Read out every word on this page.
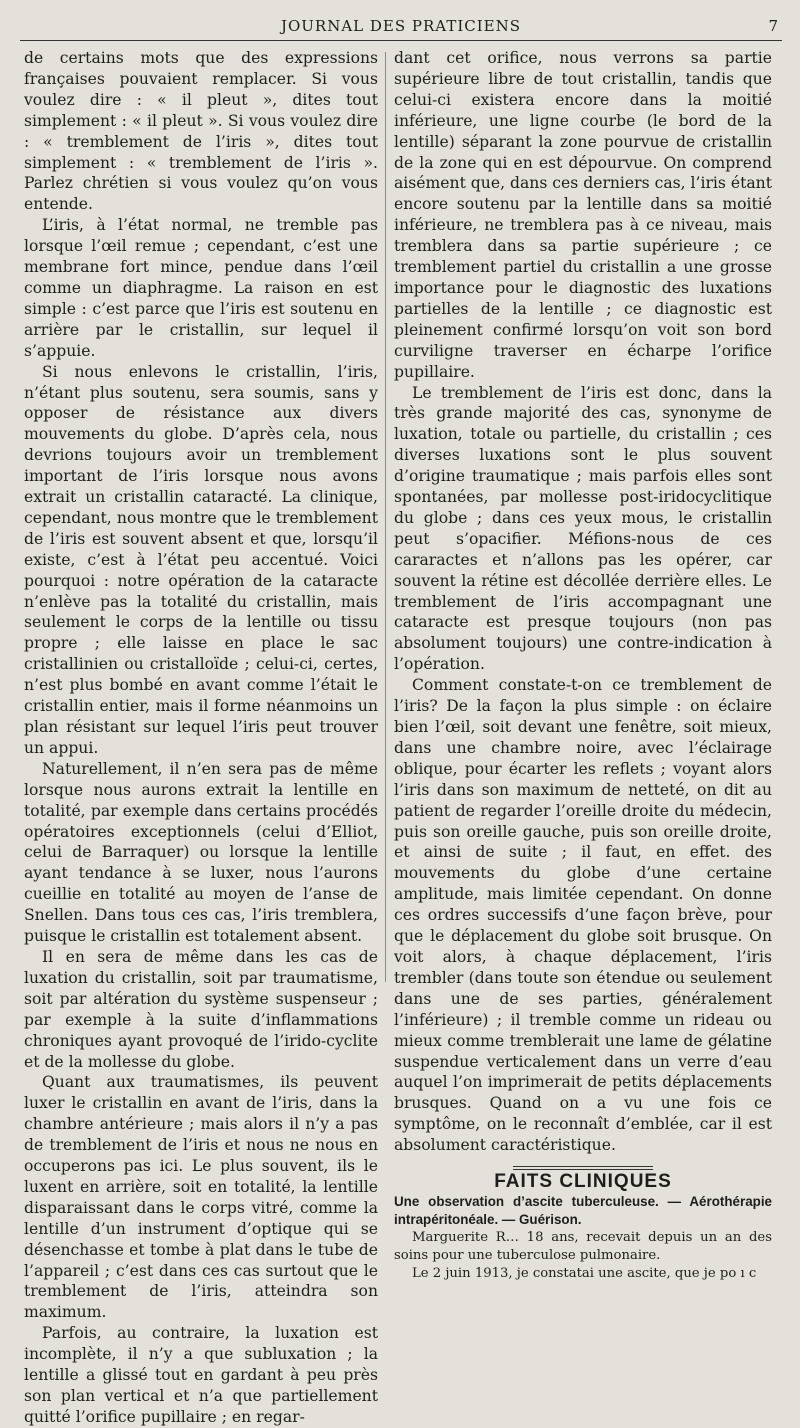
JOURNAL DES PRATICIENS	7

de certains mots que des expressions françaises pouvaient remplacer. Si vous voulez dire : « il pleut », dites tout simplement : « il pleut ». Si vous voulez dire : « tremblement de l’iris », dites tout simplement : « tremblement de l’iris ». Parlez chrétien si vous voulez qu’on vous entende.

L’iris, à l’état normal, ne tremble pas lorsque l’œil remue ; cependant, c’est une membrane fort mince, pendue dans l’œil comme un diaphragme. La raison en est simple : c’est parce que l’iris est soutenu en arrière par le cristallin, sur lequel il s’appuie.

Si nous enlevons le cristallin, l’iris, n’étant plus soutenu, sera soumis, sans y opposer de résistance aux divers mouvements du globe. D’après cela, nous devrions toujours avoir un tremblement important de l’iris lorsque nous avons extrait un cristallin cataracté. La clinique, cependant, nous montre que le tremblement de l’iris est souvent absent et que, lorsqu’il existe, c’est à l’état peu accentué. Voici pourquoi : notre opération de la cataracte n’enlève pas la totalité du cristallin, mais seulement le corps de la lentille ou tissu propre ; elle laisse en place le sac cristallinien ou cristalloïde ; celui-ci, certes, n’est plus bombé en avant comme l’était le cristallin entier, mais il forme néanmoins un plan résistant sur lequel l’iris peut trouver un appui.

Naturellement, il n’en sera pas de même lorsque nous aurons extrait la lentille en totalité, par exemple dans certains procédés opératoires exceptionnels (celui d’Elliot, celui de Barraquer) ou lorsque la lentille ayant tendance à se luxer, nous l’aurons cueillie en totalité au moyen de l’anse de Snellen. Dans tous ces cas, l’iris tremblera, puisque le cristallin est totalement absent.

Il en sera de même dans les cas de luxation du cristallin, soit par traumatisme, soit par altération du système suspenseur ; par exemple à la suite d’inflammations chroniques ayant provoqué de l’irido-cyclite et de la mollesse du globe.

Quant aux traumatismes, ils peuvent luxer le cristallin en avant de l’iris, dans la chambre antérieure ; mais alors il n’y a pas de tremblement de l’iris et nous ne nous en occuperons pas ici. Le plus souvent, ils le luxent en arrière, soit en totalité, la lentille disparaissant dans le corps vitré, comme la lentille d’un instrument d’optique qui se désenchasse et tombe à plat dans le tube de l’appareil ; c’est dans ces cas surtout que le tremblement de l’iris, atteindra son maximum.

Parfois, au contraire, la luxation est incomplète, il n’y a que subluxation ; la lentille a glissé tout en gardant à peu près son plan vertical et n’a que partiellement quitté l’orifice pupillaire ; en regar-

dant cet orifice, nous verrons sa partie supérieure libre de tout cristallin, tandis que celui-ci existera encore dans la moitié inférieure, une ligne courbe (le bord de la lentille) séparant la zone pourvue de cristallin de la zone qui en est dépourvue. On comprend aisément que, dans ces derniers cas, l’iris étant encore soutenu par la lentille dans sa moitié inférieure, ne tremblera pas à ce niveau, mais tremblera dans sa partie supérieure ; ce tremblement partiel du cristallin a une grosse importance pour le diagnostic des luxations partielles de la lentille ; ce diagnostic est pleinement confirmé lorsqu’on voit son bord curviligne traverser en écharpe l’orifice pupillaire.

Le tremblement de l’iris est donc, dans la très grande majorité des cas, synonyme de luxation, totale ou partielle, du cristallin ; ces diverses luxations sont le plus souvent d’origine traumatique ; mais parfois elles sont spontanées, par mollesse post-iridocyclitique du globe ; dans ces yeux mous, le cristallin peut s’opacifier. Méfions-nous de ces cararactes et n’allons pas les opérer, car souvent la rétine est décollée derrière elles. Le tremblement de l’iris accompagnant une cataracte est presque toujours (non pas absolument toujours) une contre-indication à l’opération.

Comment constate-t-on ce tremblement de l’iris? De la façon la plus simple : on éclaire bien l’œil, soit devant une fenêtre, soit mieux, dans une chambre noire, avec l’éclairage oblique, pour écarter les reflets ; voyant alors l’iris dans son maximum de netteté, on dit au patient de regarder l’oreille droite du médecin, puis son oreille gauche, puis son oreille droite, et ainsi de suite ; il faut, en effet. des mouvements du globe d’une certaine amplitude, mais limitée cependant. On donne ces ordres successifs d’une façon brève, pour que le déplacement du globe soit brusque. On voit alors, à chaque déplacement, l’iris trembler (dans toute son étendue ou seulement dans une de ses parties, généralement l’inférieure) ; il tremble comme un rideau ou mieux comme tremblerait une lame de gélatine suspendue verticalement dans un verre d’eau auquel l’on imprimerait de petits déplacements brusques. Quand on a vu une fois ce symptôme, on le reconnaît d’emblée, car il est absolument caractéristique.

FAITS CLINIQUES

Une observation d’ascite tuberculeuse. — Aérothérapie intrapéritonéale. — Guérison.

Marguerite R… 18 ans, recevait depuis un an des soins pour une tuberculose pulmonaire.

Le 2 juin 1913, je constatai une ascite, que je po ı c
